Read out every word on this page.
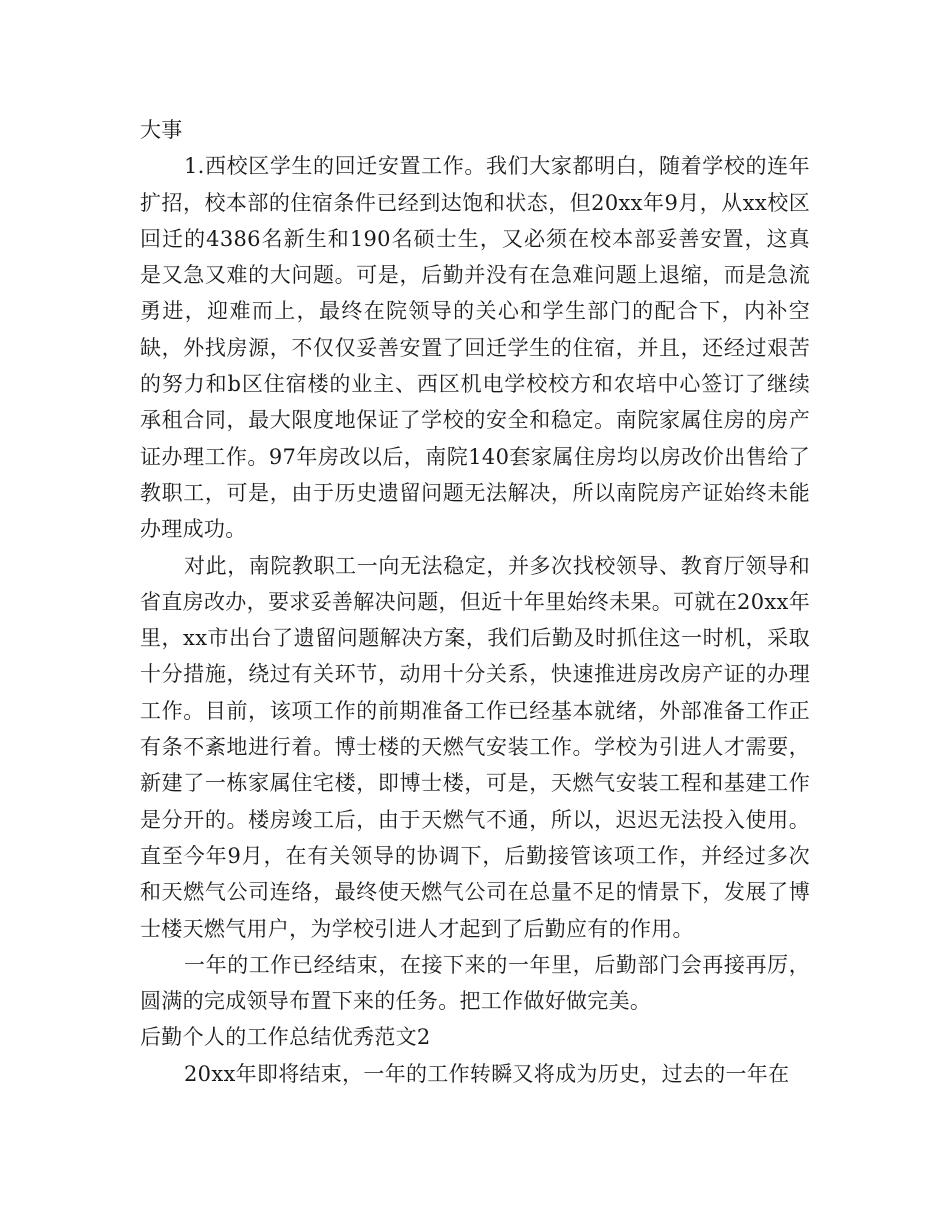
大事

1.西校区学生的回迁安置工作。我们大家都明白，随着学校的连年扩招，校本部的住宿条件已经到达饱和状态，但20xx年9月，从xx校区回迁的4386名新生和190名硕士生，又必须在校本部妥善安置，这真是又急又难的大问题。可是，后勤并没有在急难问题上退缩，而是急流勇进，迎难而上，最终在院领导的关心和学生部门的配合下，内补空缺，外找房源，不仅仅妥善安置了回迁学生的住宿，并且，还经过艰苦的努力和b区住宿楼的业主、西区机电学校校方和农培中心签订了继续承租合同，最大限度地保证了学校的安全和稳定。南院家属住房的房产证办理工作。97年房改以后，南院140套家属住房均以房改价出售给了教职工，可是，由于历史遗留问题无法解决，所以南院房产证始终未能办理成功。

对此，南院教职工一向无法稳定，并多次找校领导、教育厅领导和省直房改办，要求妥善解决问题，但近十年里始终未果。可就在20xx年里，xx市出台了遗留问题解决方案，我们后勤及时抓住这一时机，采取十分措施，绕过有关环节，动用十分关系，快速推进房改房产证的办理工作。目前，该项工作的前期准备工作已经基本就绪，外部准备工作正有条不紊地进行着。博士楼的天燃气安装工作。学校为引进人才需要，新建了一栋家属住宅楼，即博士楼，可是，天燃气安装工程和基建工作是分开的。楼房竣工后，由于天燃气不通，所以，迟迟无法投入使用。直至今年9月，在有关领导的协调下，后勤接管该项工作，并经过多次和天燃气公司连络，最终使天燃气公司在总量不足的情景下，发展了博士楼天燃气用户，为学校引进人才起到了后勤应有的作用。

一年的工作已经结束，在接下来的一年里，后勤部门会再接再厉，圆满的完成领导布置下来的任务。把工作做好做完美。

后勤个人的工作总结优秀范文2

20xx年即将结束，一年的工作转瞬又将成为历史，过去的一年在
